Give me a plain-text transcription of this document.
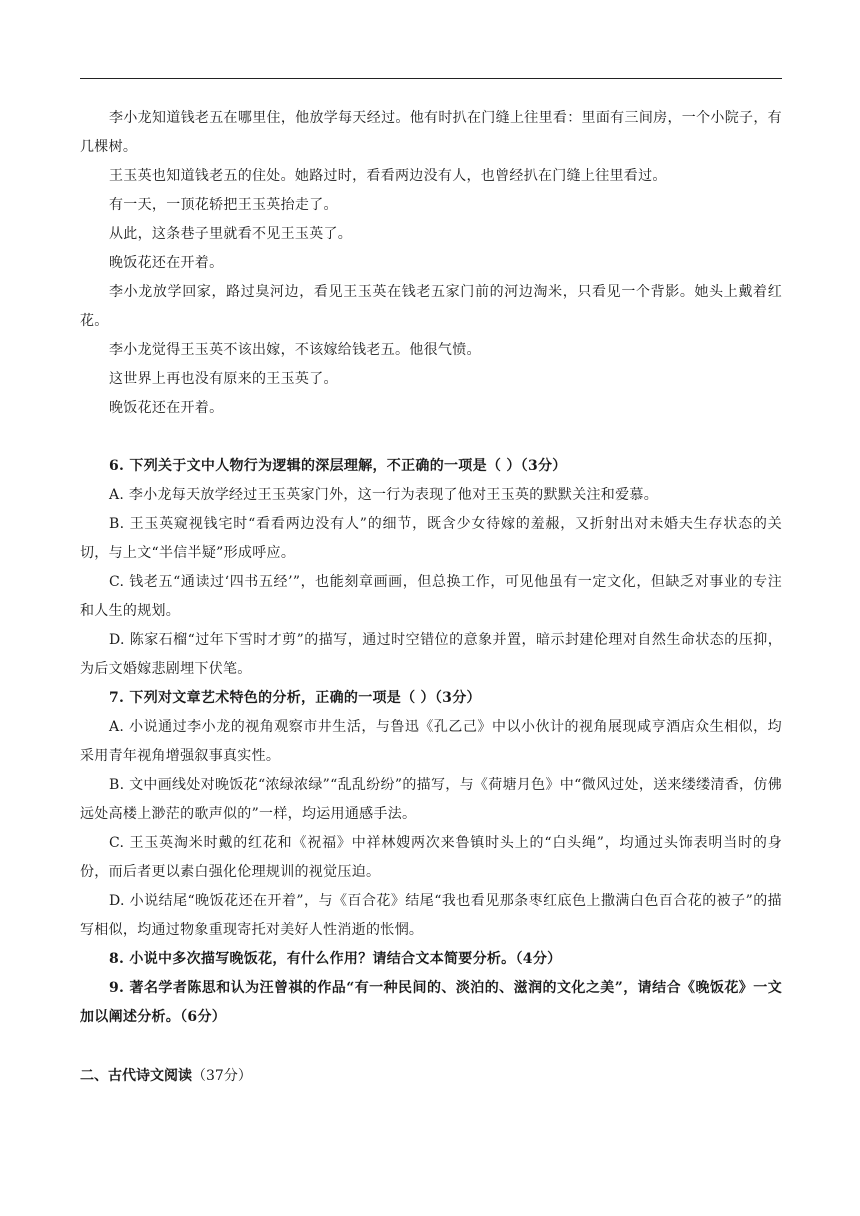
李小龙知道钱老五在哪里住，他放学每天经过。他有时扒在门缝上往里看：里面有三间房，一个小院子，有几棵树。

王玉英也知道钱老五的住处。她路过时，看看两边没有人，也曾经扒在门缝上往里看过。

有一天，一顶花轿把王玉英抬走了。

从此，这条巷子里就看不见王玉英了。

晚饭花还在开着。

李小龙放学回家，路过臭河边，看见王玉英在钱老五家门前的河边淘米，只看见一个背影。她头上戴着红花。

李小龙觉得王玉英不该出嫁，不该嫁给钱老五。他很气愤。

这世界上再也没有原来的王玉英了。

晚饭花还在开着。

6. 下列关于文中人物行为逻辑的深层理解，不正确的一项是（ ）（3分）

A. 李小龙每天放学经过王玉英家门外，这一行为表现了他对王玉英的默默关注和爱慕。

B. 王玉英窥视钱宅时“看看两边没有人”的细节，既含少女待嫁的羞赧，又折射出对未婚夫生存状态的关切，与上文“半信半疑”形成呼应。

C. 钱老五“通读过‘四书五经’”，也能刻章画画，但总换工作，可见他虽有一定文化，但缺乏对事业的专注和人生的规划。

D. 陈家石榴“过年下雪时才剪”的描写，通过时空错位的意象并置，暗示封建伦理对自然生命状态的压抑，为后文婚嫁悲剧埋下伏笔。

7. 下列对文章艺术特色的分析，正确的一项是（ ）（3分）

A. 小说通过李小龙的视角观察市井生活，与鲁迅《孔乙己》中以小伙计的视角展现咸亨酒店众生相似，均采用青年视角增强叙事真实性。

B. 文中画线处对晚饭花“浓绿浓绿”“乱乱纷纷”的描写，与《荷塘月色》中“微风过处，送来缕缕清香，仿佛远处高楼上渺茫的歌声似的”一样，均运用通感手法。

C. 王玉英淘米时戴的红花和《祝福》中祥林嫂两次来鲁镇时头上的“白头绳”，均通过头饰表明当时的身份，而后者更以素白强化伦理规训的视觉压迫。

D. 小说结尾“晚饭花还在开着”，与《百合花》结尾“我也看见那条枣红底色上撒满白色百合花的被子”的描写相似，均通过物象重现寄托对美好人性消逝的怅惘。

8. 小说中多次描写晚饭花，有什么作用？请结合文本简要分析。（4分）

9. 著名学者陈思和认为汪曾祺的作品“有一种民间的、淡泊的、滋润的文化之美”，请结合《晚饭花》一文加以阐述分析。（6分）

二、古代诗文阅读（37分）
